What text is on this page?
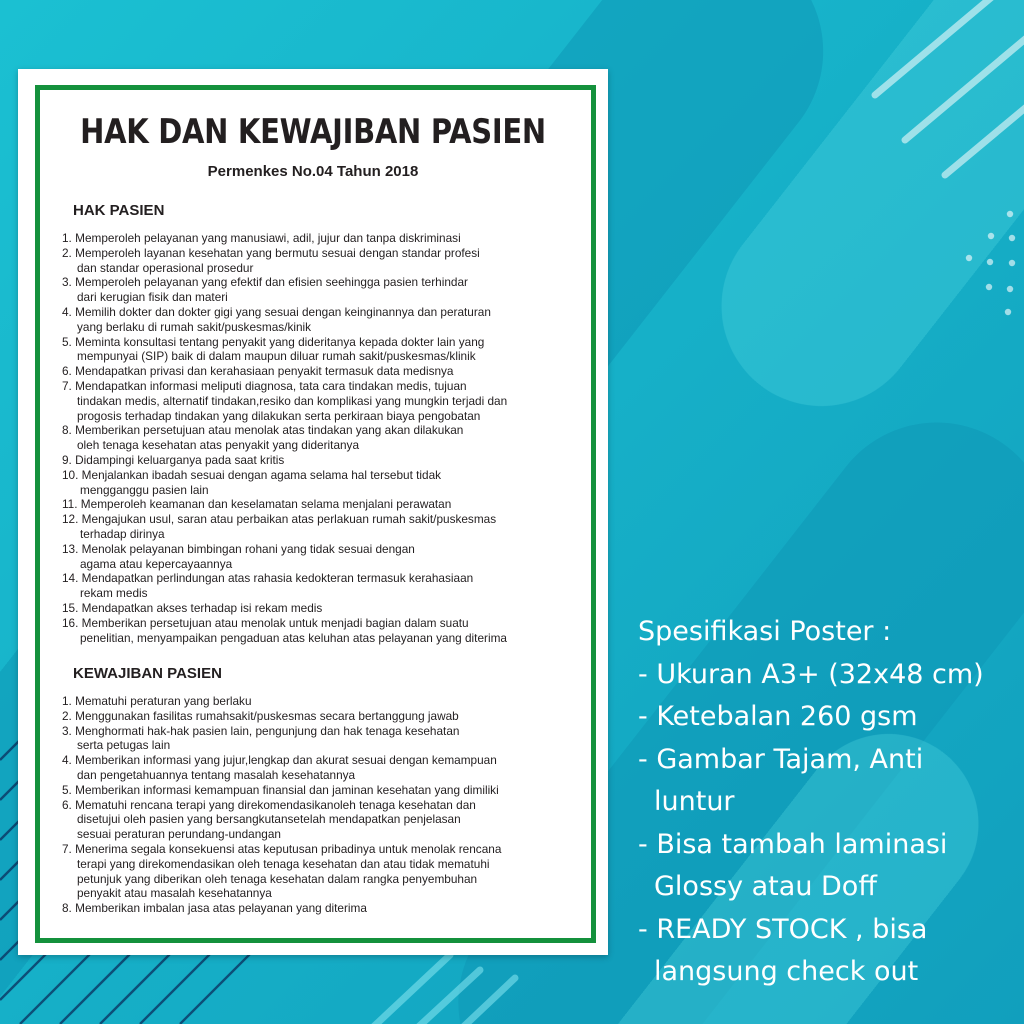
HAK DAN KEWAJIBAN PASIEN
Permenkes No.04 Tahun 2018
HAK PASIEN
1. Memperoleh pelayanan yang manusiawi, adil, jujur dan tanpa diskriminasi
2. Memperoleh layanan kesehatan yang bermutu sesuai dengan standar profesi
dan standar operasional prosedur
3. Memperoleh pelayanan yang efektif dan efisien seehingga pasien terhindar
dari kerugian fisik dan materi
4. Memilih dokter dan dokter gigi yang sesuai dengan keinginannya dan peraturan
yang berlaku di rumah sakit/puskesmas/kinik
5. Meminta konsultasi tentang penyakit yang dideritanya kepada dokter lain yang
mempunyai (SIP) baik di dalam maupun diluar rumah sakit/puskesmas/klinik
6. Mendapatkan privasi dan kerahasiaan penyakit termasuk data medisnya
7. Mendapatkan informasi meliputi diagnosa, tata cara tindakan medis, tujuan
tindakan medis, alternatif tindakan,resiko dan komplikasi yang mungkin terjadi dan
progosis terhadap tindakan yang dilakukan serta perkiraan biaya pengobatan
8. Memberikan persetujuan atau menolak atas tindakan yang akan dilakukan
oleh tenaga kesehatan atas penyakit yang dideritanya
9. Didampingi keluarganya pada saat kritis
10. Menjalankan ibadah sesuai dengan agama selama hal tersebut tidak
mengganggu pasien lain
11. Memperoleh keamanan dan keselamatan selama menjalani perawatan
12. Mengajukan usul, saran atau perbaikan atas perlakuan rumah sakit/puskesmas
terhadap dirinya
13. Menolak pelayanan bimbingan rohani yang tidak sesuai dengan
agama atau kepercayaannya
14. Mendapatkan perlindungan atas rahasia kedokteran termasuk kerahasiaan
rekam medis
15. Mendapatkan akses terhadap isi rekam medis
16. Memberikan persetujuan atau menolak untuk menjadi bagian dalam suatu
penelitian, menyampaikan pengaduan atas keluhan atas pelayanan yang diterima
KEWAJIBAN PASIEN
1. Mematuhi peraturan yang berlaku
2. Menggunakan fasilitas rumahsakit/puskesmas secara bertanggung jawab
3. Menghormati hak-hak pasien lain, pengunjung dan hak tenaga kesehatan
serta petugas lain
4. Memberikan informasi yang jujur,lengkap dan akurat sesuai dengan kemampuan
dan pengetahuannya tentang masalah kesehatannya
5. Memberikan informasi kemampuan finansial dan jaminan kesehatan yang dimiliki
6. Mematuhi rencana terapi yang direkomendasikanoleh tenaga kesehatan dan
disetujui oleh pasien yang bersangkutansetelah mendapatkan penjelasan
sesuai peraturan perundang-undangan
7. Menerima segala konsekuensi atas keputusan pribadinya untuk menolak rencana
terapi yang direkomendasikan oleh tenaga kesehatan dan atau tidak mematuhi
petunjuk yang diberikan oleh tenaga kesehatan dalam rangka penyembuhan
penyakit atau masalah kesehatannya
8. Memberikan imbalan jasa atas pelayanan yang diterima
Spesifikasi Poster :
- Ukuran A3+ (32x48 cm)
- Ketebalan 260 gsm
- Gambar Tajam, Anti
luntur
- Bisa tambah laminasi
Glossy atau Doff
- READY STOCK , bisa
langsung check out
